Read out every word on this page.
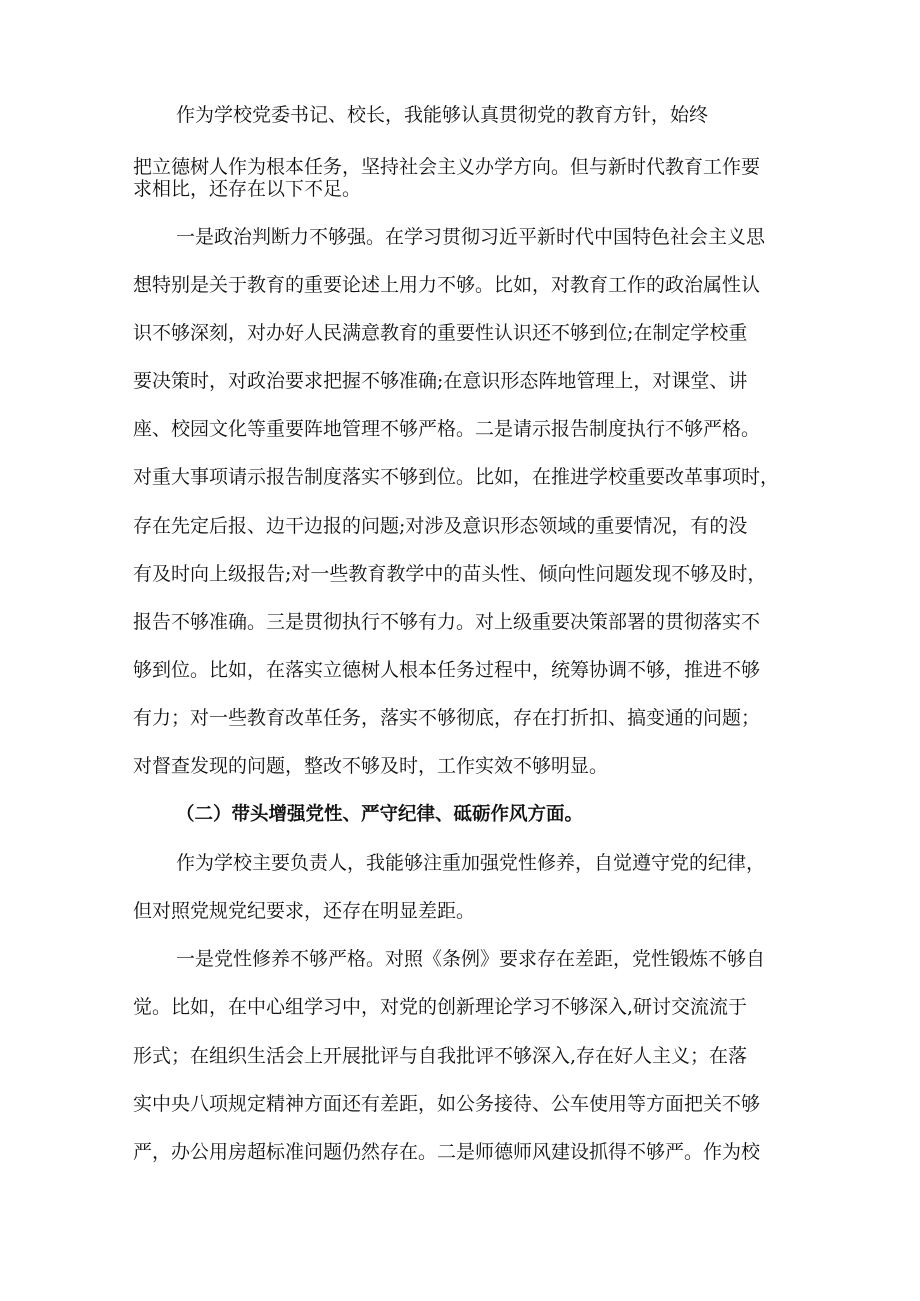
作为学校党委书记、校长，我能够认真贯彻党的教育方针，始终

把立德树人作为根本任务，坚持社会主义办学方向。但与新时代教育工作要

求相比，还存在以下不足。

一是政治判断力不够强。在学习贯彻习近平新时代中国特色社会主义思

想特别是关于教育的重要论述上用力不够。比如，对教育工作的政治属性认

识不够深刻，对办好人民满意教育的重要性认识还不够到位;在制定学校重

要决策时，对政治要求把握不够准确;在意识形态阵地管理上，对课堂、讲

座、校园文化等重要阵地管理不够严格。二是请示报告制度执行不够严格。

对重大事项请示报告制度落实不够到位。比如，在推进学校重要改革事项时，

存在先定后报、边干边报的问题;对涉及意识形态领域的重要情况，有的没

有及时向上级报告;对一些教育教学中的苗头性、倾向性问题发现不够及时，

报告不够准确。三是贯彻执行不够有力。对上级重要决策部署的贯彻落实不

够到位。比如，在落实立德树人根本任务过程中，统筹协调不够，推进不够

有力；对一些教育改革任务，落实不够彻底，存在打折扣、搞变通的问题；

对督查发现的问题，整改不够及时，工作实效不够明显。

（二）带头增强党性、严守纪律、砥砺作风方面。

作为学校主要负责人，我能够注重加强党性修养，自觉遵守党的纪律，

但对照党规党纪要求，还存在明显差距。

一是党性修养不够严格。对照《条例》要求存在差距，党性锻炼不够自

觉。比如，在中心组学习中，对党的创新理论学习不够深入,研讨交流流于

形式；在组织生活会上开展批评与自我批评不够深入,存在好人主义；在落

实中央八项规定精神方面还有差距，如公务接待、公车使用等方面把关不够

严，办公用房超标准问题仍然存在。二是师德师风建设抓得不够严。作为校
